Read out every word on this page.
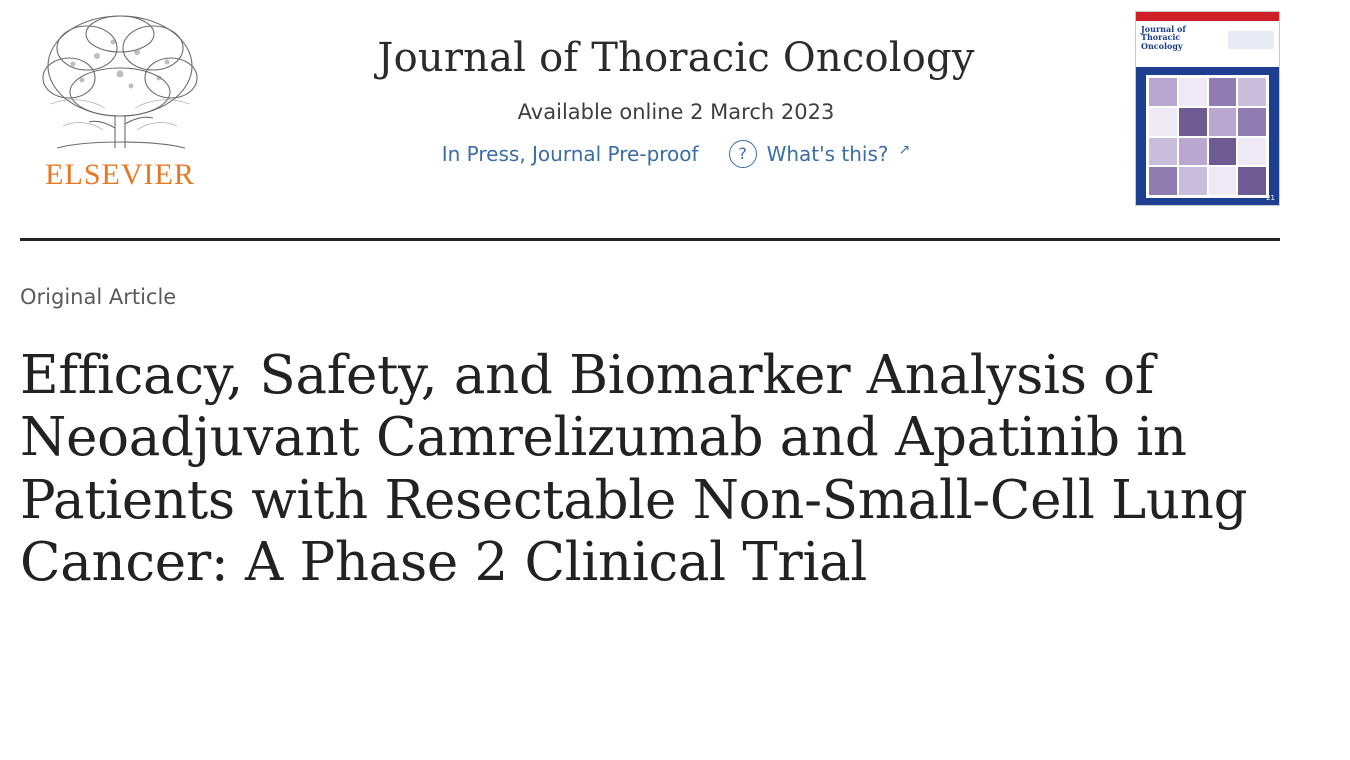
ELSEVIER
Journal of Thoracic Oncology
Available online 2 March 2023
In Press, Journal Pre-proof	? What's this? ↗
Journal of Thoracic Oncology
21
Original Article
Efficacy, Safety, and Biomarker Analysis of Neoadjuvant Camrelizumab and Apatinib in Patients with Resectable Non-Small-Cell Lung Cancer: A Phase 2 Clinical Trial
